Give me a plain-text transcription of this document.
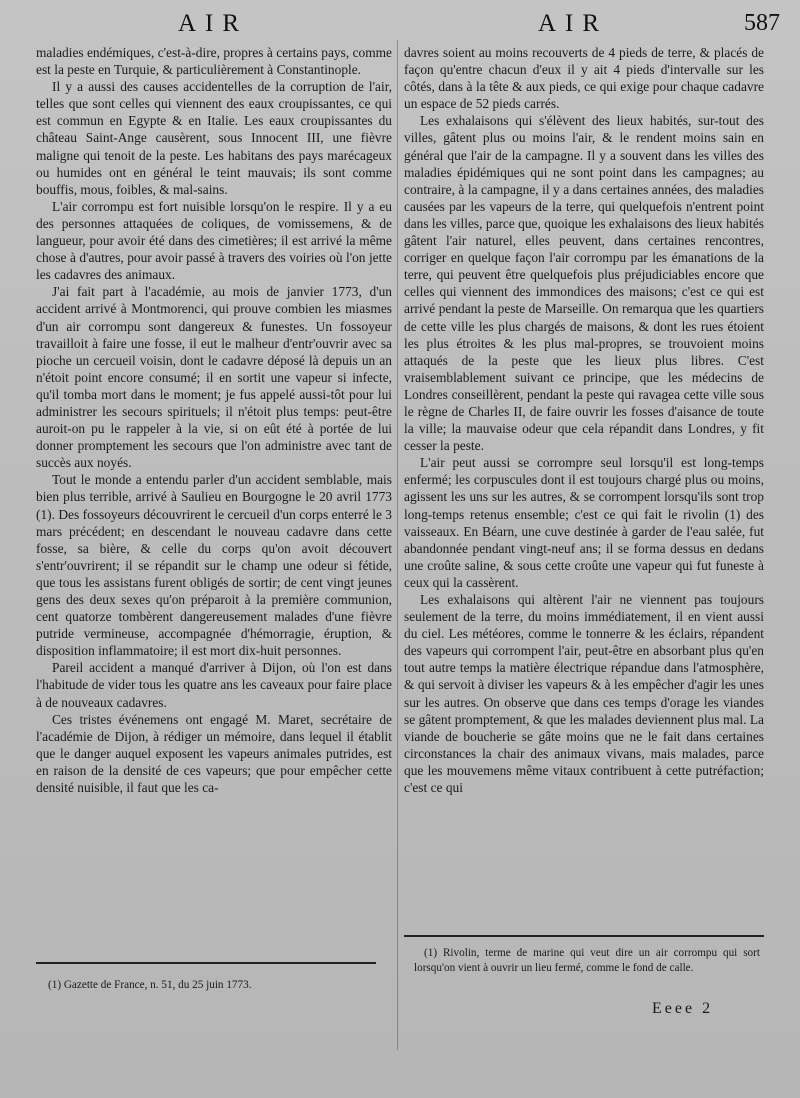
AIR	AIR	587

maladies endémiques, c'est-à-dire, propres à certains pays, comme est la peste en Turquie, & particulièrement à Constantinople.

Il y a aussi des causes accidentelles de la corruption de l'air, telles que sont celles qui viennent des eaux croupissantes, ce qui est commun en Egypte & en Italie. Les eaux croupissantes du château Saint-Ange causèrent, sous Innocent III, une fièvre maligne qui tenoit de la peste. Les habitans des pays marécageux ou humides ont en général le teint mauvais; ils sont comme bouffis, mous, foibles, & mal-sains.

L'air corrompu est fort nuisible lorsqu'on le respire. Il y a eu des personnes attaquées de coliques, de vomissemens, & de langueur, pour avoir été dans des cimetières; il est arrivé la même chose à d'autres, pour avoir passé à travers des voiries où l'on jette les cadavres des animaux.

J'ai fait part à l'académie, au mois de janvier 1773, d'un accident arrivé à Montmorenci, qui prouve combien les miasmes d'un air corrompu sont dangereux & funestes. Un fossoyeur travailloit à faire une fosse, il eut le malheur d'entr'ouvrir avec sa pioche un cercueil voisin, dont le cadavre déposé là depuis un an n'étoit point encore consumé; il en sortit une vapeur si infecte, qu'il tomba mort dans le moment; je fus appelé aussi-tôt pour lui administrer les secours spirituels; il n'étoit plus temps: peut-être auroit-on pu le rappeler à la vie, si on eût été à portée de lui donner promptement les secours que l'on administre avec tant de succès aux noyés.

Tout le monde a entendu parler d'un accident semblable, mais bien plus terrible, arrivé à Saulieu en Bourgogne le 20 avril 1773 (1). Des fossoyeurs découvrirent le cercueil d'un corps enterré le 3 mars précédent; en descendant le nouveau cadavre dans cette fosse, sa bière, & celle du corps qu'on avoit découvert s'entr'ouvrirent; il se répandit sur le champ une odeur si fétide, que tous les assistans furent obligés de sortir; de cent vingt jeunes gens des deux sexes qu'on préparoit à la première communion, cent quatorze tombèrent dangereusement malades d'une fièvre putride vermineuse, accompagnée d'hémorragie, éruption, & disposition inflammatoire; il est mort dix-huit personnes.

Pareil accident a manqué d'arriver à Dijon, où l'on est dans l'habitude de vider tous les quatre ans les caveaux pour faire place à de nouveaux cadavres.

Ces tristes événemens ont engagé M. Maret, secrétaire de l'académie de Dijon, à rédiger un mémoire, dans lequel il établit que le danger auquel exposent les vapeurs animales putrides, est en raison de la densité de ces vapeurs; que pour empêcher cette densité nuisible, il faut que les ca-

davres soient au moins recouverts de 4 pieds de terre, & placés de façon qu'entre chacun d'eux il y ait 4 pieds d'intervalle sur les côtés, dans à la tête & aux pieds, ce qui exige pour chaque cadavre un espace de 52 pieds carrés.

Les exhalaisons qui s'élèvent des lieux habités, sur-tout des villes, gâtent plus ou moins l'air, & le rendent moins sain en général que l'air de la campagne. Il y a souvent dans les villes des maladies épidémiques qui ne sont point dans les campagnes; au contraire, à la campagne, il y a dans certaines années, des maladies causées par les vapeurs de la terre, qui quelquefois n'entrent point dans les villes, parce que, quoique les exhalaisons des lieux habités gâtent l'air naturel, elles peuvent, dans certaines rencontres, corriger en quelque façon l'air corrompu par les émanations de la terre, qui peuvent être quelquefois plus préjudiciables encore que celles qui viennent des immondices des maisons; c'est ce qui est arrivé pendant la peste de Marseille. On remarqua que les quartiers de cette ville les plus chargés de maisons, & dont les rues étoient les plus étroites & les plus mal-propres, se trouvoient moins attaqués de la peste que les lieux plus libres. C'est vraisemblablement suivant ce principe, que les médecins de Londres conseillèrent, pendant la peste qui ravagea cette ville sous le règne de Charles II, de faire ouvrir les fosses d'aisance de toute la ville; la mauvaise odeur que cela répandit dans Londres, y fit cesser la peste.

L'air peut aussi se corrompre seul lorsqu'il est long-temps enfermé; les corpuscules dont il est toujours chargé plus ou moins, agissent les uns sur les autres, & se corrompent lorsqu'ils sont trop long-temps retenus ensemble; c'est ce qui fait le rivolin (1) des vaisseaux. En Béarn, une cuve destinée à garder de l'eau salée, fut abandonnée pendant vingt-neuf ans; il se forma dessus en dedans une croûte saline, & sous cette croûte une vapeur qui fut funeste à ceux qui la cassèrent.

Les exhalaisons qui altèrent l'air ne viennent pas toujours seulement de la terre, du moins immédiatement, il en vient aussi du ciel. Les météores, comme le tonnerre & les éclairs, répandent des vapeurs qui corrompent l'air, peut-être en absorbant plus qu'en tout autre temps la matière électrique répandue dans l'atmosphère, & qui servoit à diviser les vapeurs & à les empêcher d'agir les unes sur les autres. On observe que dans ces temps d'orage les viandes se gâtent promptement, & que les malades deviennent plus mal. La viande de boucherie se gâte moins que ne le fait dans certaines circonstances la chair des animaux vivans, mais malades, parce que les mouvemens même vitaux contribuent à cette putréfaction; c'est ce qui

(1) Gazette de France, n. 51, du 25 juin 1773.
(1) Rivolin, terme de marine qui veut dire un air corrompu qui sort lorsqu'on vient à ouvrir un lieu fermé, comme le fond de calle.
Eeee 2
